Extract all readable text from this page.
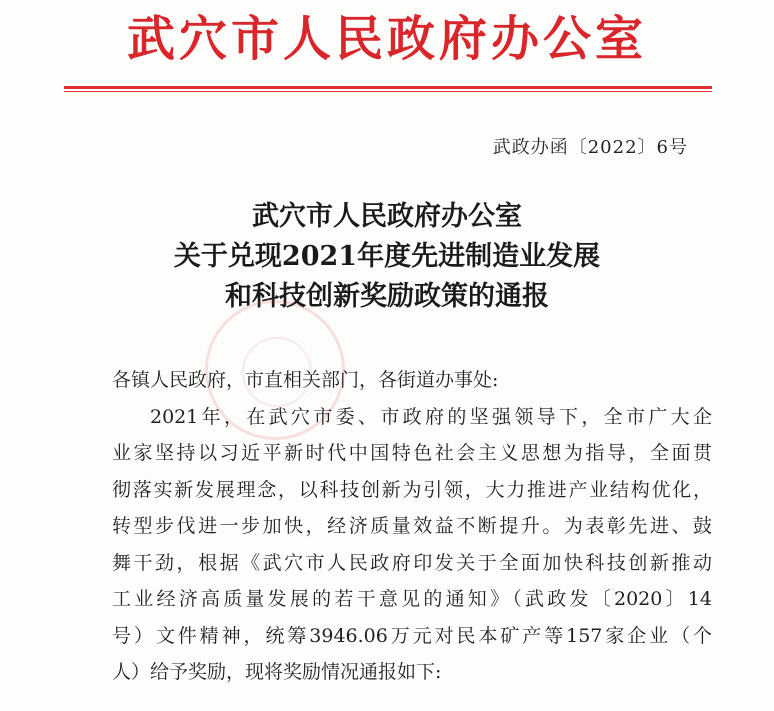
武穴市人民政府办公室
武政办函〔2022〕6号
武穴市人民政府办公室
关于兑现2021年度先进制造业发展
和科技创新奖励政策的通报
各镇人民政府，市直相关部门，各街道办事处:
2021年，在武穴市委、市政府的坚强领导下，全市广大企
业家坚持以习近平新时代中国特色社会主义思想为指导，全面贯
彻落实新发展理念，以科技创新为引领，大力推进产业结构优化，
转型步伐进一步加快，经济质量效益不断提升。为表彰先进、鼓
舞干劲，根据《武穴市人民政府印发关于全面加快科技创新推动
工业经济高质量发展的若干意见的通知》（武政发〔2020〕14
号）文件精神，统筹3946.06万元对民本矿产等157家企业（个
人）给予奖励，现将奖励情况通报如下:
